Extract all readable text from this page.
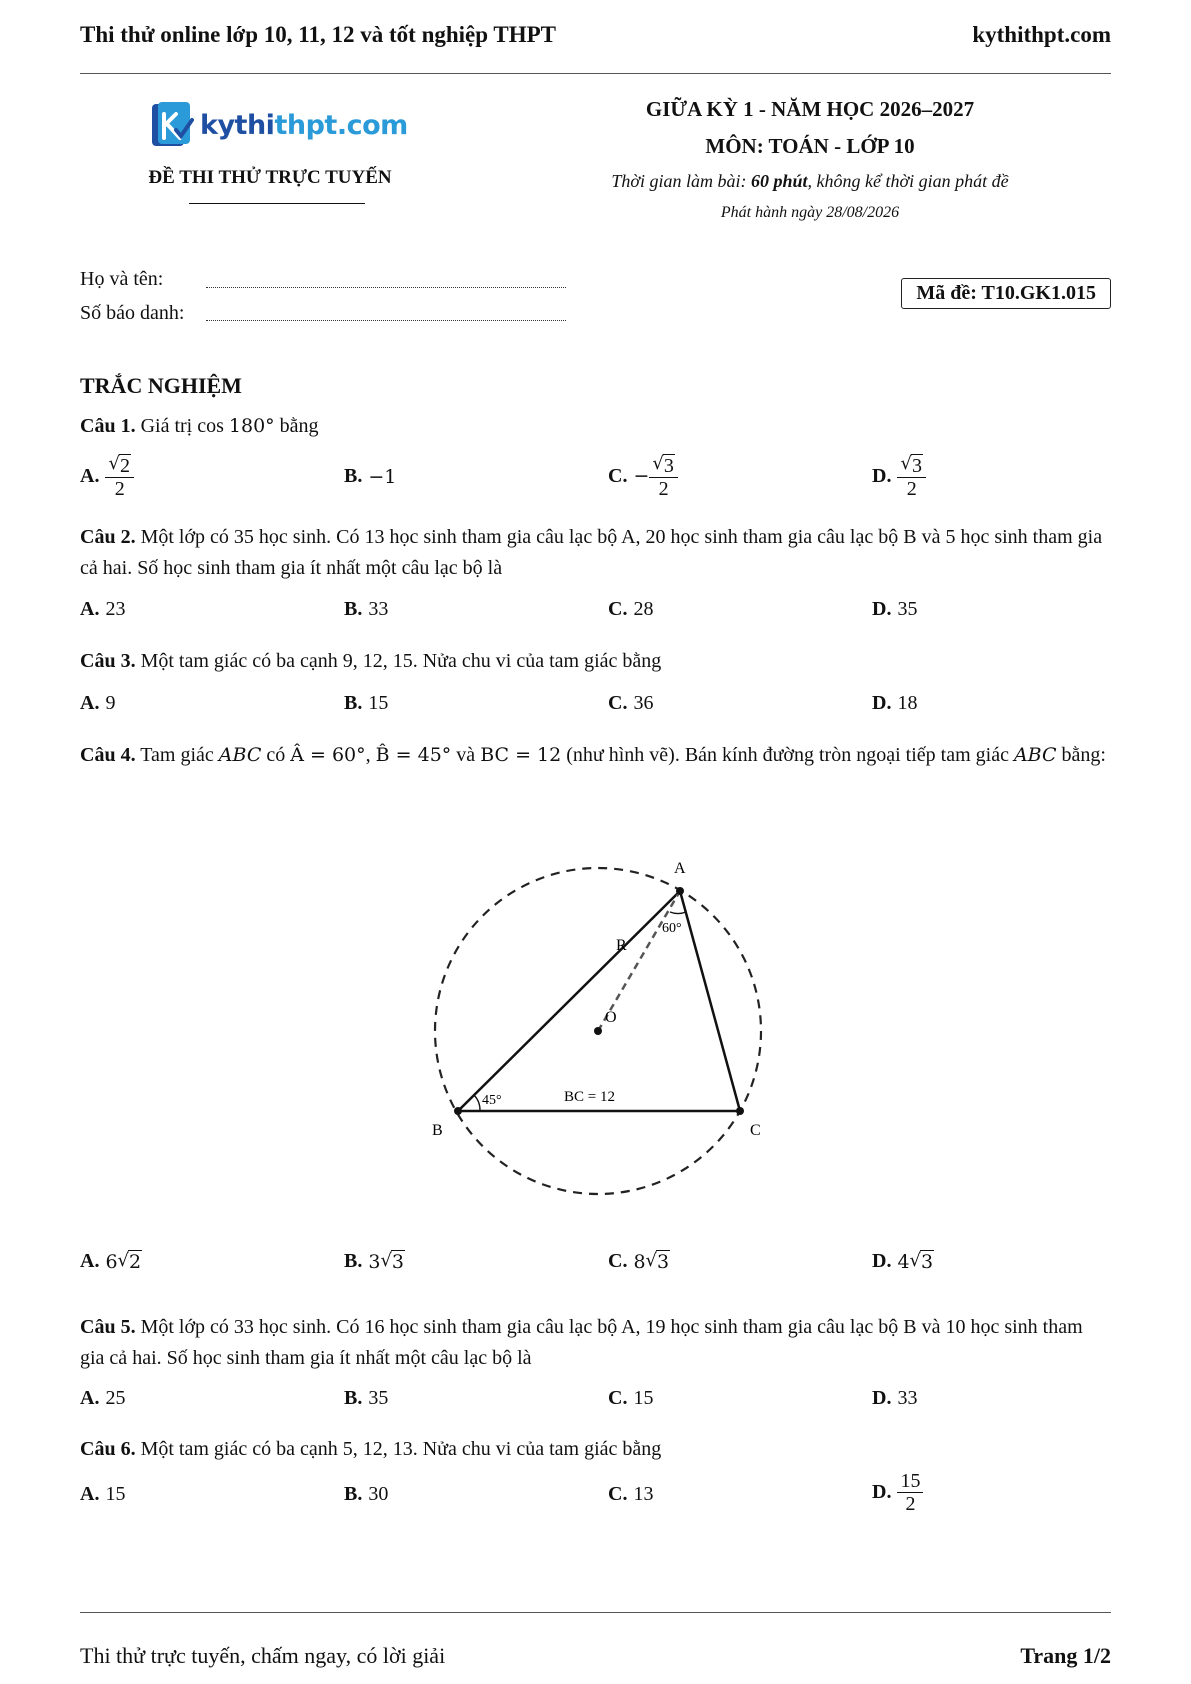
Thi thử online lớp 10, 11, 12 và tốt nghiệp THPT	kythithpt.com
kythithpt.com
ĐỀ THI THỬ TRỰC TUYẾN
GIỮA KỲ 1 - NĂM HỌC 2026–2027
MÔN: TOÁN - LỚP 10
Thời gian làm bài: 60 phút, không kể thời gian phát đề
Phát hành ngày 28/08/2026
Họ và tên:
Số báo danh:
Mã đề: T10.GK1.015
TRẮC NGHIỆM
Câu 1. Giá trị cos 180° bằng
A. $\frac{√ 2}{2}$	B. −1	C. − $\frac{√ 3}{2}$	D. $\frac{√ 3}{2}$
Câu 2. Một lớp có 35 học sinh. Có 13 học sinh tham gia câu lạc bộ A, 20 học sinh tham gia câu lạc bộ B và 5 học sinh tham gia cả hai. Số học sinh tham gia ít nhất một câu lạc bộ là
A. 23	B. 33	C. 28	D. 35
Câu 3. Một tam giác có ba cạnh 9, 12, 15. Nửa chu vi của tam giác bằng
A. 9	B. 15	C. 36	D. 18
Câu 4. Tam giác ABC có Â = 60°, B̂ = 45° và BC = 12 (như hình vẽ). Bán kính đường tròn ngoại tiếp tam giác ABC bằng:
A
B	C
O
R
60°
45°	BC = 12
A. 6 √ 2	B. 3 √ 3	C. 8 √ 3	D. 4 √ 3
Câu 5. Một lớp có 33 học sinh. Có 16 học sinh tham gia câu lạc bộ A, 19 học sinh tham gia câu lạc bộ B và 10 học sinh tham gia cả hai. Số học sinh tham gia ít nhất một câu lạc bộ là
A. 25	B. 35	C. 15	D. 33
Câu 6. Một tam giác có ba cạnh 5, 12, 13. Nửa chu vi của tam giác bằng
A. 15	B. 30	C. 13	D. $\frac{15}{2}$
Thi thử trực tuyến, chấm ngay, có lời giải	Trang 1/2
